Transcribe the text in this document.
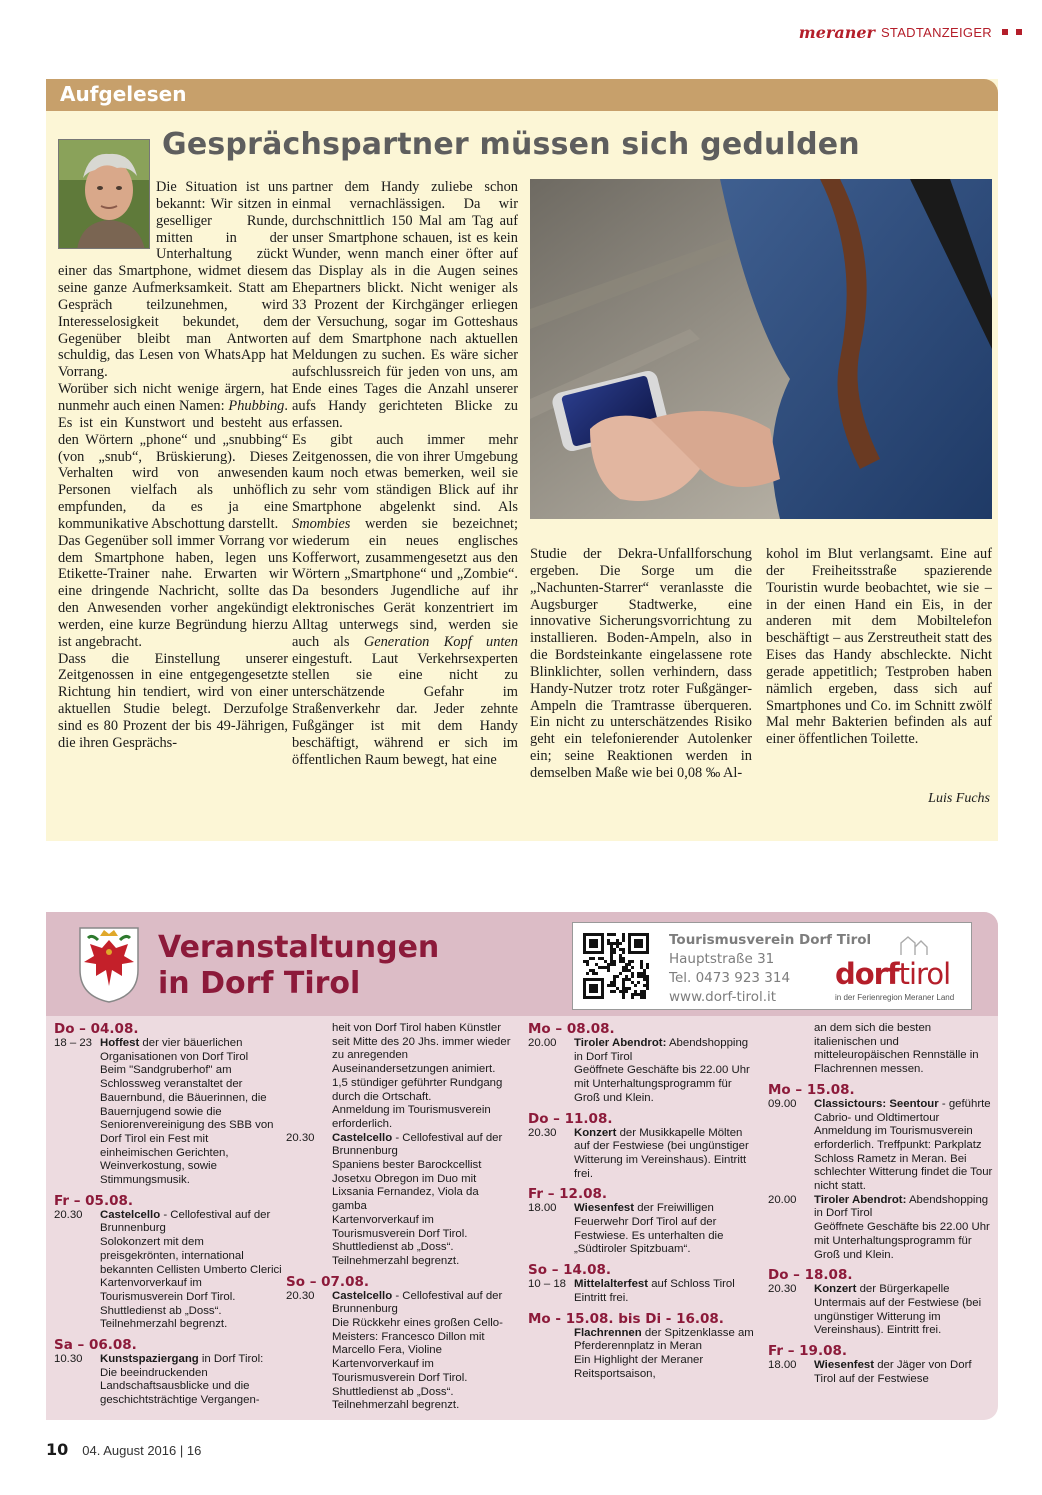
meraner STADTANZEIGER
Aufgelesen
Gesprächspartner müssen sich gedulden

Die Situation ist uns bekannt: Wir sitzen in geselliger Runde, mitten in der Unterhaltung zückt einer das Smartphone, widmet diesem seine ganze Aufmerksamkeit. Statt am Gespräch teilzunehmen, wird Interesselosigkeit bekundet, dem Gegenüber bleibt man Antworten schuldig, das Lesen von WhatsApp hat Vorrang.

Worüber sich nicht wenige ärgern, hat nunmehr auch einen Namen: Phubbing. Es ist ein Kunstwort und besteht aus den Wörtern „phone“ und „snubbing“ (von „snub“, Brüskierung). Dieses Verhalten wird von anwesenden Personen vielfach als unhöflich empfunden, da es ja eine kommunikative Abschottung darstellt.

Das Gegenüber soll immer Vorrang vor dem Smartphone haben, legen uns Etikette-Trainer nahe. Erwarten wir eine dringende Nachricht, sollte das den Anwesenden vorher angekündigt werden, eine kurze Begründung hierzu ist angebracht.

Dass die Einstellung unserer Zeitgenossen in eine entgegengesetzte Richtung hin tendiert, wird von einer aktuellen Studie belegt. Derzufolge sind es 80 Prozent der bis 49-Jährigen, die ihren Gesprächs-

partner dem Handy zuliebe schon einmal vernachlässigen. Da wir durchschnittlich 150 Mal am Tag auf unser Smartphone schauen, ist es kein Wunder, wenn manch einer öfter auf das Display als in die Augen seines Ehepartners blickt. Nicht weniger als 33 Prozent der Kirchgänger erliegen der Versuchung, sogar im Gotteshaus auf dem Smartphone nach aktuellen Meldungen zu suchen. Es wäre sicher aufschlussreich für jeden von uns, am Ende eines Tages die Anzahl unserer aufs Handy gerichteten Blicke zu erfassen.

Es gibt auch immer mehr Zeitgenossen, die von ihrer Umgebung kaum noch etwas bemerken, weil sie zu sehr vom ständigen Blick auf ihr Smartphone abgelenkt sind. Als Smombies werden sie bezeichnet; wiederum ein neues englisches Kofferwort, zusammengesetzt aus den Wörtern „Smartphone“ und „Zombie“. Da besonders Jugendliche auf ihr elektronisches Gerät konzentriert im Alltag unterwegs sind, werden sie auch als Generation Kopf unten eingestuft. Laut Verkehrsexperten stellen sie eine nicht zu unterschätzende Gefahr im Straßenverkehr dar. Jeder zehnte Fußgänger ist mit dem Handy beschäftigt, während er sich im öffentlichen Raum bewegt, hat eine

Studie der Dekra-Unfallforschung ergeben. Die Sorge um die „Nachunten-Starrer“ veranlasste die Augsburger Stadtwerke, eine innovative Sicherungsvorrichtung zu installieren. Boden-Ampeln, also in die Bordsteinkante eingelassene rote Blinklichter, sollen verhindern, dass Handy-Nutzer trotz roter Fußgänger-Ampeln die Tramtrasse überqueren. Ein nicht zu unterschätzendes Risiko geht ein telefonierender Autolenker ein; seine Reaktionen werden in demselben Maße wie bei 0,08 ‰ Al-

kohol im Blut verlangsamt. Eine auf der Freiheitsstraße spazierende Touristin wurde beobachtet, wie sie – in der einen Hand ein Eis, in der anderen mit dem Mobiltelefon beschäftigt – aus Zerstreutheit statt des Eises das Handy abschleckte. Nicht gerade appetitlich; Testproben haben nämlich ergeben, dass sich auf Smartphones und Co. im Schnitt zwölf Mal mehr Bakterien befinden als auf einer öffentlichen Toilette.

Luis Fuchs
Veranstaltungen
in Dorf Tirol
Tourismusverein Dorf Tirol
Hauptstraße 31
Tel. 0473 923 314
www.dorf-tirol.it
dorftirol
in der Ferienregion Meraner Land
Do – 04.08.
18 – 23 Hoffest der vier bäuerlichen Organisationen von Dorf Tirol
Beim "Sandgruberhof" am Schlossweg veranstaltet der Bauernbund, die Bäuerinnen, die Bauernjugend sowie die Seniorenvereinigung des SBB von Dorf Tirol ein Fest mit einheimischen Gerichten, Weinverkostung, sowie Stimmungsmusik.
Fr – 05.08.
20.30	Castelcello - Cellofestival auf der Brunnenburg
Solokonzert mit dem preisgekrönten, international bekannten Cellisten Umberto Clerici
Kartenvorverkauf im Tourismusverein Dorf Tirol. Shuttledienst ab „Doss“. Teilnehmerzahl begrenzt.
Sa – 06.08.
10.30	Kunstspaziergang in Dorf Tirol: Die beeindruckenden Landschaftsausblicke und die geschichtsträchtige Vergangen-
heit von Dorf Tirol haben Künstler seit Mitte des 20 Jhs. immer wieder zu anregenden Auseinandersetzungen animiert. 1,5 stündiger geführter Rundgang durch die Ortschaft.
Anmeldung im Tourismusverein erforderlich.
20.30	Castelcello - Cellofestival auf der Brunnenburg
Spaniens bester Barockcellist Josetxu Obregon im Duo mit Lixsania Fernandez, Viola da gamba
Kartenvorverkauf im Tourismusverein Dorf Tirol. Shuttledienst ab „Doss“. Teilnehmerzahl begrenzt.
So – 07.08.
20.30	Castelcello - Cellofestival auf der Brunnenburg
Die Rückkehr eines großen Cello-Meisters: Francesco Dillon mit Marcello Fera, Violine
Kartenvorverkauf im Tourismusverein Dorf Tirol. Shuttledienst ab „Doss“. Teilnehmerzahl begrenzt.
Mo – 08.08.
20.00	Tiroler Abendrot: Abendshopping in Dorf Tirol
Geöffnete Geschäfte bis 22.00 Uhr mit Unterhaltungsprogramm für Groß und Klein.
Do – 11.08.
20.30	Konzert der Musikkapelle Mölten auf der Festwiese (bei ungünstiger Witterung im Vereinshaus). Eintritt frei.
Fr – 12.08.
18.00	Wiesenfest der Freiwilligen Feuerwehr Dorf Tirol auf der Festwiese. Es unterhalten die „Südtiroler Spitzbuam“.
So – 14.08.
10 – 18 Mittelalterfest auf Schloss Tirol
Eintritt frei.
Mo - 15.08. bis Di - 16.08.
Flachrennen der Spitzenklasse am Pferderennplatz in Meran
Ein Highlight der Meraner Reitsportsaison,
an dem sich die besten italienischen und mitteleuropäischen Rennställe in Flachrennen messen.
Mo – 15.08.
09.00	Classictours: Seentour - geführte Cabrio- und Oldtimertour
Anmeldung im Tourismusverein erforderlich. Treffpunkt: Parkplatz Schloss Rametz in Meran. Bei schlechter Witterung findet die Tour nicht statt.
20.00	Tiroler Abendrot: Abendshopping in Dorf Tirol
Geöffnete Geschäfte bis 22.00 Uhr mit Unterhaltungsprogramm für Groß und Klein.
Do – 18.08.
20.30	Konzert der Bürgerkapelle Untermais auf der Festwiese (bei ungünstiger Witterung im Vereinshaus). Eintritt frei.
Fr – 19.08.
18.00	Wiesenfest der Jäger von Dorf Tirol auf der Festwiese
10 04. August 2016 | 16
